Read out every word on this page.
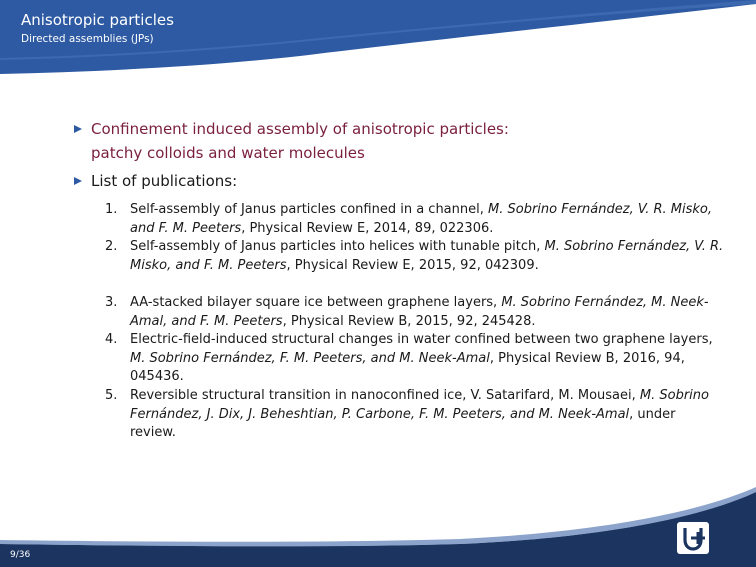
Anisotropic particles
Directed assemblies (JPs)
Confinement induced assembly of anisotropic particles:
patchy colloids and water molecules
List of publications:
1. Self-assembly of Janus particles confined in a channel, M. Sobrino Fernández, V. R. Misko, and F. M. Peeters, Physical Review E, 2014, 89, 022306.
2. Self-assembly of Janus particles into helices with tunable pitch, M. Sobrino Fernández, V. R. Misko, and F. M. Peeters, Physical Review E, 2015, 92, 042309.
3. AA-stacked bilayer square ice between graphene layers, M. Sobrino Fernández, M. Neek-Amal, and F. M. Peeters, Physical Review B, 2015, 92, 245428.
4. Electric-field-induced structural changes in water confined between two graphene layers, M. Sobrino Fernández, F. M. Peeters, and M. Neek-Amal, Physical Review B, 2016, 94, 045436.
5. Reversible structural transition in nanoconfined ice, V. Satarifard, M. Mousaei, M. Sobrino Fernández, J. Dix, J. Beheshtian, P. Carbone, F. M. Peeters, and M. Neek-Amal, under review.
9/36
